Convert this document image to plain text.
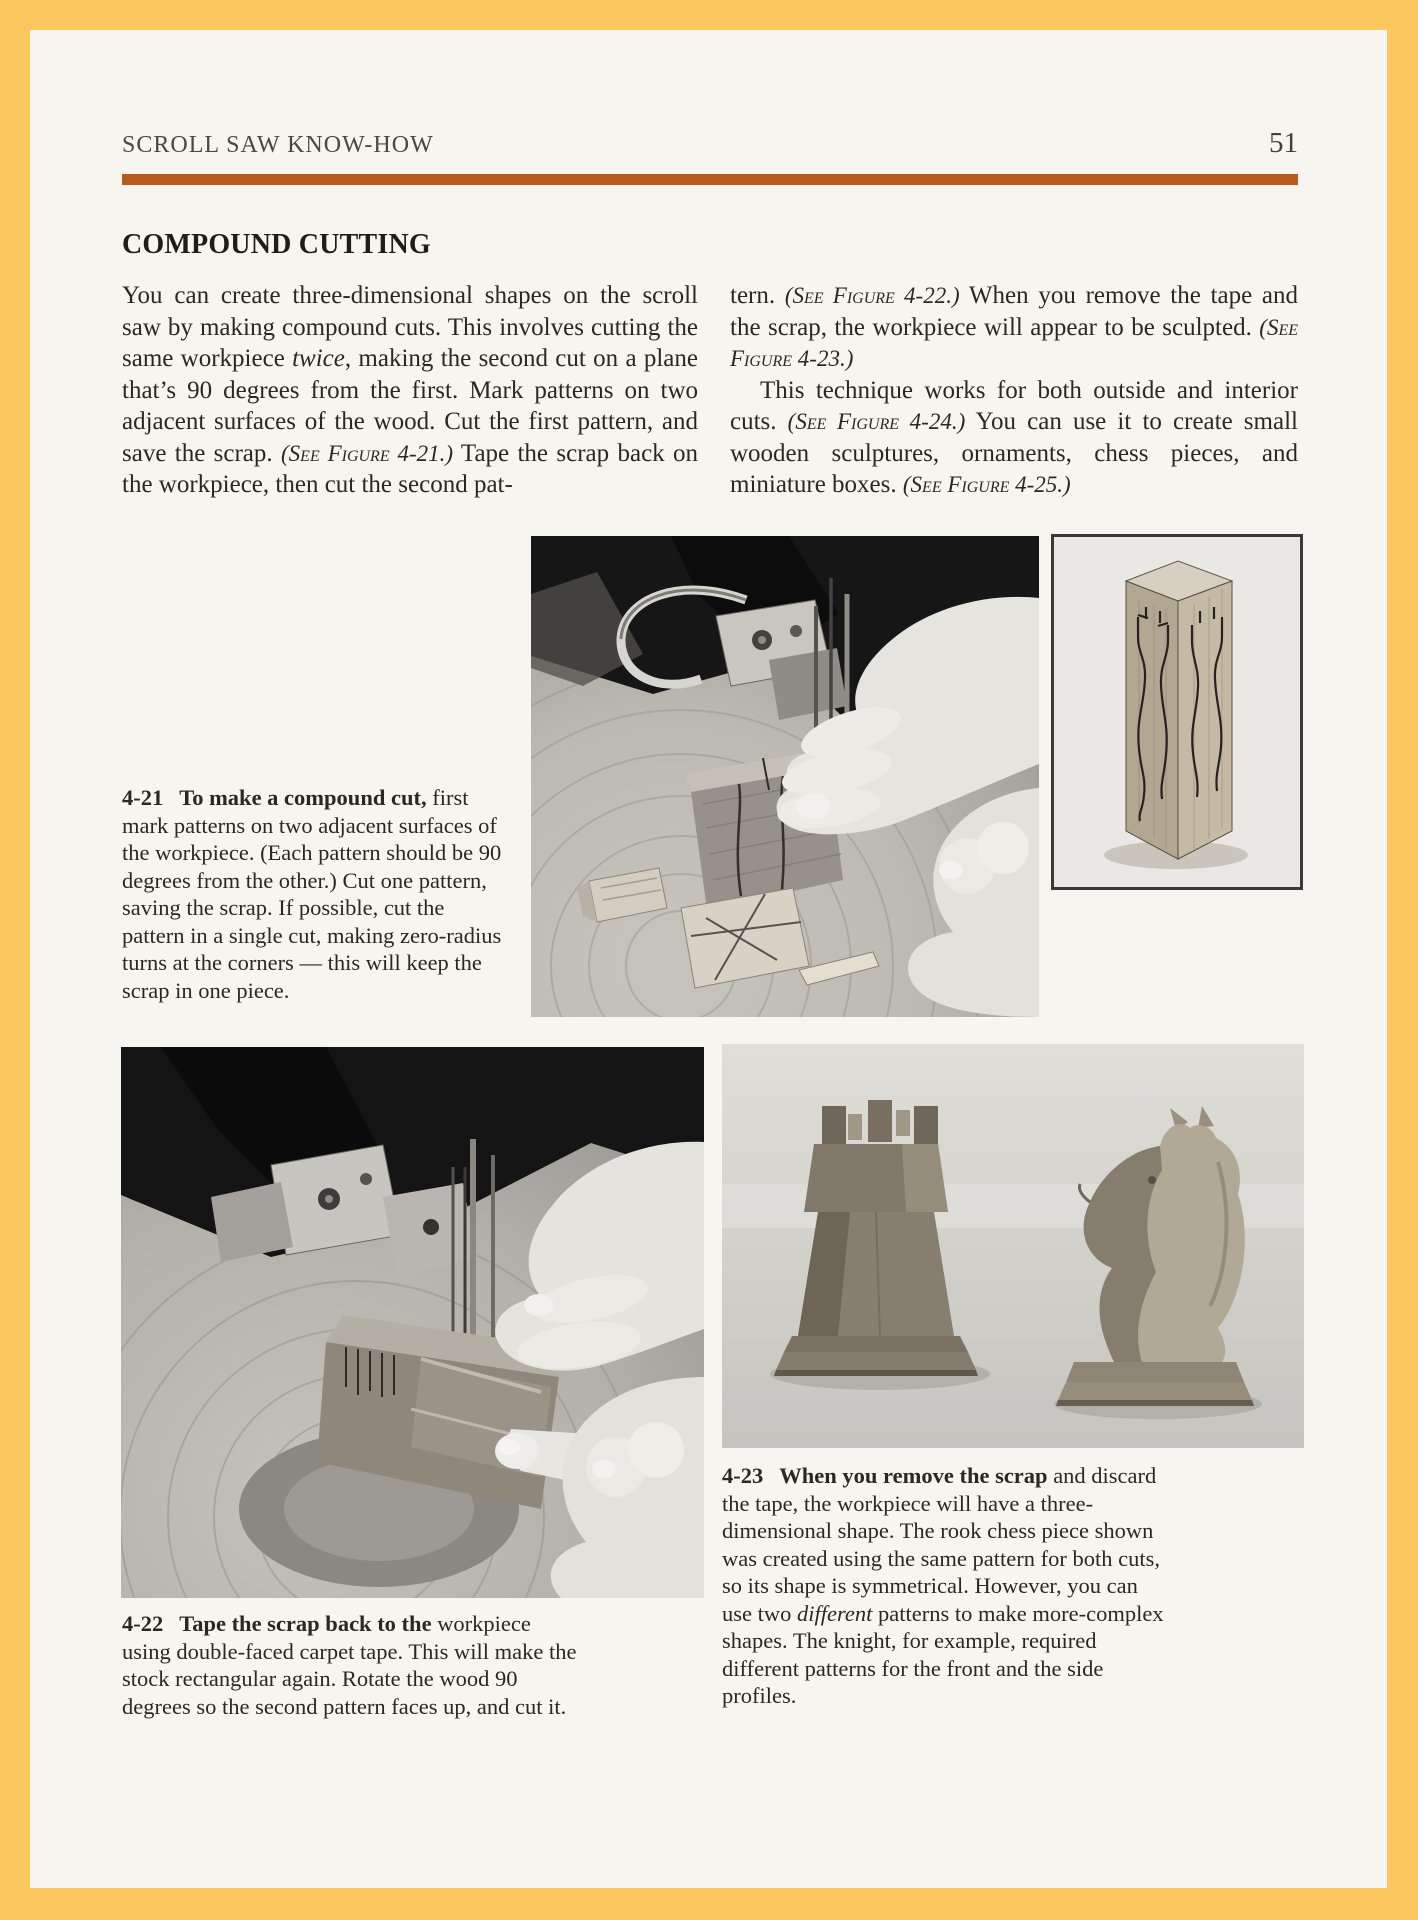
SCROLL SAW KNOW-HOW	51
COMPOUND CUTTING

You can create three-dimensional shapes on the scroll saw by making compound cuts. This involves cutting the same workpiece twice, making the second cut on a plane that’s 90 degrees from the first. Mark patterns on two adjacent surfaces of the wood. Cut the first pattern, and save the scrap. (See Figure 4-21.) Tape the scrap back on the workpiece, then cut the second pat-

tern. (See Figure 4-22.) When you remove the tape and the scrap, the workpiece will appear to be sculpted. (See Figure 4-23.)

This technique works for both outside and interior cuts. (See Figure 4-24.) You can use it to create small wooden sculptures, ornaments, chess pieces, and miniature boxes. (See Figure 4-25.)

4-21 To make a compound cut, first mark patterns on two adjacent surfaces of the workpiece. (Each pattern should be 90 degrees from the other.) Cut one pattern, saving the scrap. If possible, cut the pattern in a single cut, making zero-radius turns at the corners — this will keep the scrap in one piece.
4-22 Tape the scrap back to the workpiece using double-faced carpet tape. This will make the stock rectangular again. Rotate the wood 90 degrees so the second pattern faces up, and cut it.
4-23 When you remove the scrap and discard the tape, the workpiece will have a three-dimensional shape. The rook chess piece shown was created using the same pattern for both cuts, so its shape is symmetrical. However, you can use two different patterns to make more-complex shapes. The knight, for example, required different patterns for the front and the side profiles.
